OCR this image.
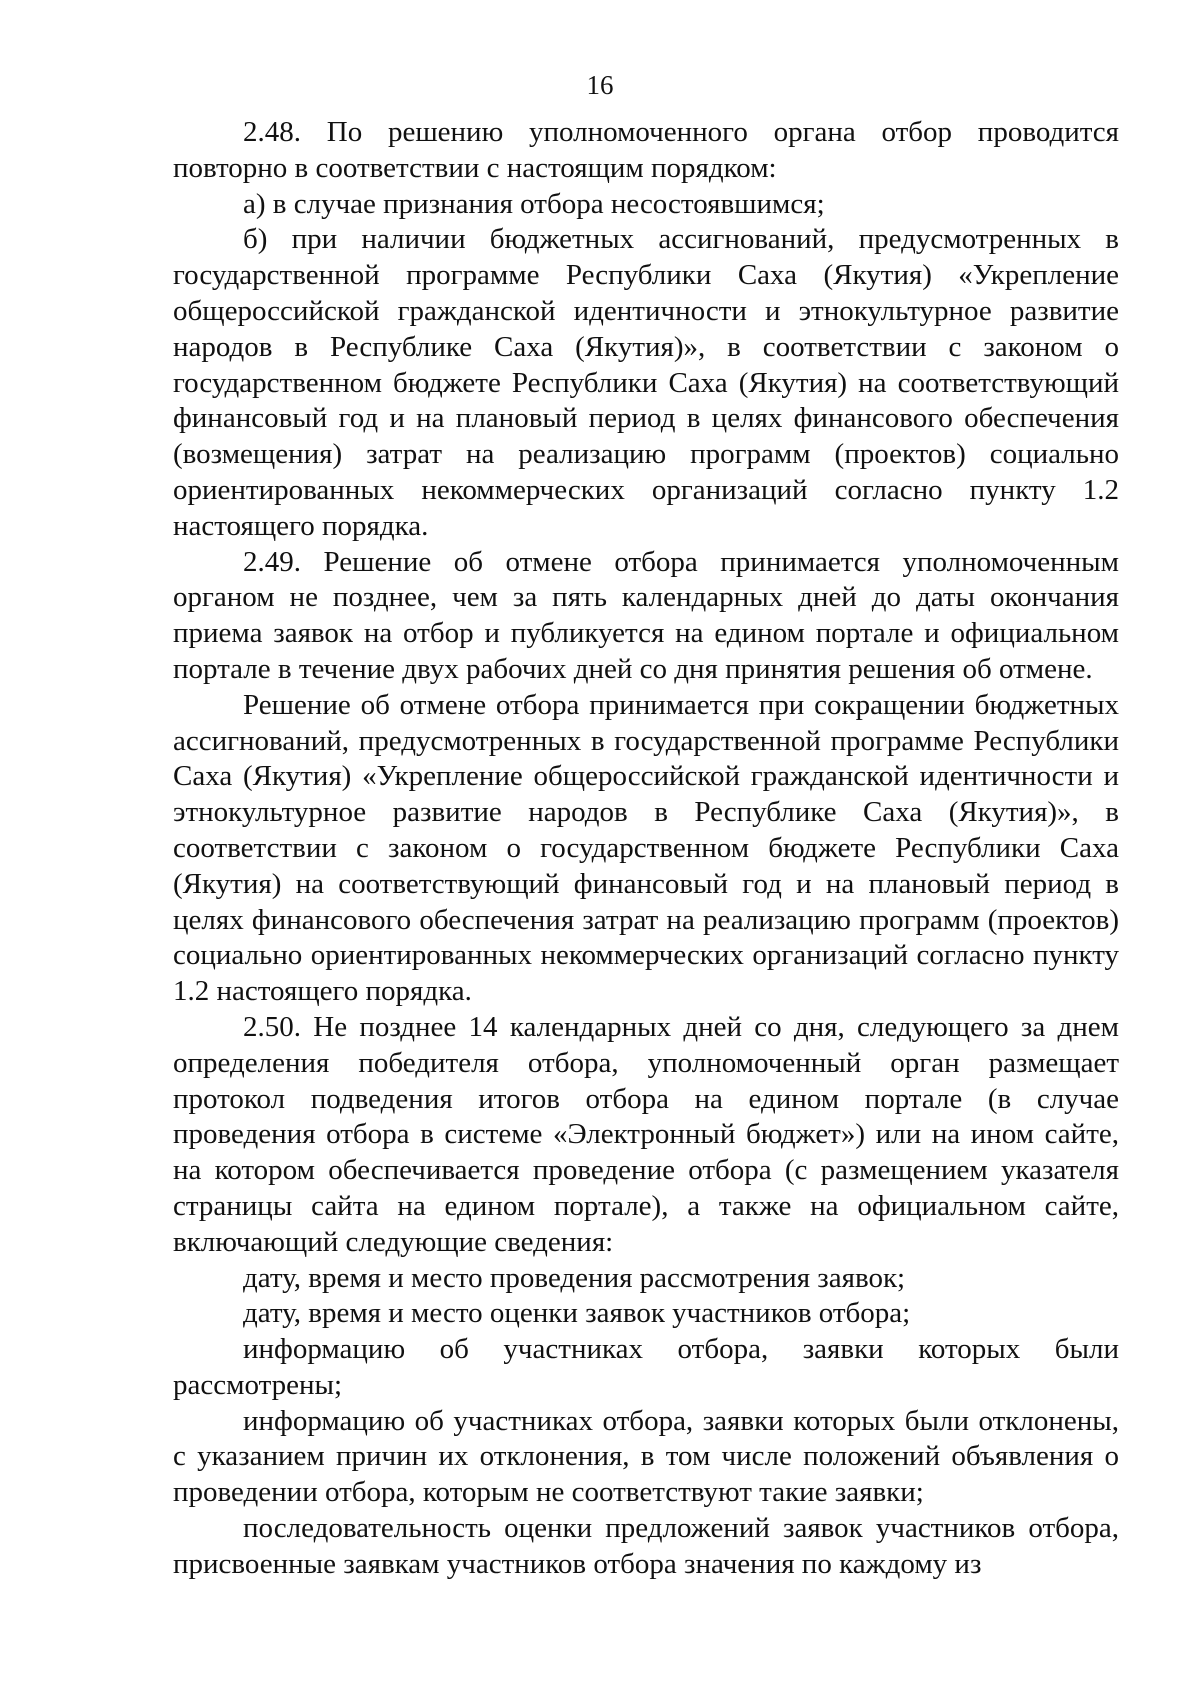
16

2.48. По решению уполномоченного органа отбор проводится повторно в соответствии с настоящим порядком:

а) в случае признания отбора несостоявшимся;

б) при наличии бюджетных ассигнований, предусмотренных в государственной программе Республики Саха (Якутия) «Укрепление общероссийской гражданской идентичности и этнокультурное развитие народов в Республике Саха (Якутия)», в соответствии с законом о государственном бюджете Республики Саха (Якутия) на соответствующий финансовый год и на плановый период в целях финансового обеспечения (возмещения) затрат на реализацию программ (проектов) социально ориентированных некоммерческих организаций согласно пункту 1.2 настоящего порядка.

2.49. Решение об отмене отбора принимается уполномоченным органом не позднее, чем за пять календарных дней до даты окончания приема заявок на отбор и публикуется на едином портале и официальном портале в течение двух рабочих дней со дня принятия решения об отмене.

Решение об отмене отбора принимается при сокращении бюджетных ассигнований, предусмотренных в государственной программе Республики Саха (Якутия) «Укрепление общероссийской гражданской идентичности и этнокультурное развитие народов в Республике Саха (Якутия)», в соответствии с законом о государственном бюджете Республики Саха (Якутия) на соответствующий финансовый год и на плановый период в целях финансового обеспечения затрат на реализацию программ (проектов) социально ориентированных некоммерческих организаций согласно пункту 1.2 настоящего порядка.

2.50. Не позднее 14 календарных дней со дня, следующего за днем определения победителя отбора, уполномоченный орган размещает протокол подведения итогов отбора на едином портале (в случае проведения отбора в системе «Электронный бюджет») или на ином сайте, на котором обеспечивается проведение отбора (с размещением указателя страницы сайта на едином портале), а также на официальном сайте, включающий следующие сведения:

дату, время и место проведения рассмотрения заявок;

дату, время и место оценки заявок участников отбора;

информацию об участниках отбора, заявки которых были рассмотрены;

информацию об участниках отбора, заявки которых были отклонены, с указанием причин их отклонения, в том числе положений объявления о проведении отбора, которым не соответствуют такие заявки;

последовательность оценки предложений заявок участников отбора, присвоенные заявкам участников отбора значения по каждому из
